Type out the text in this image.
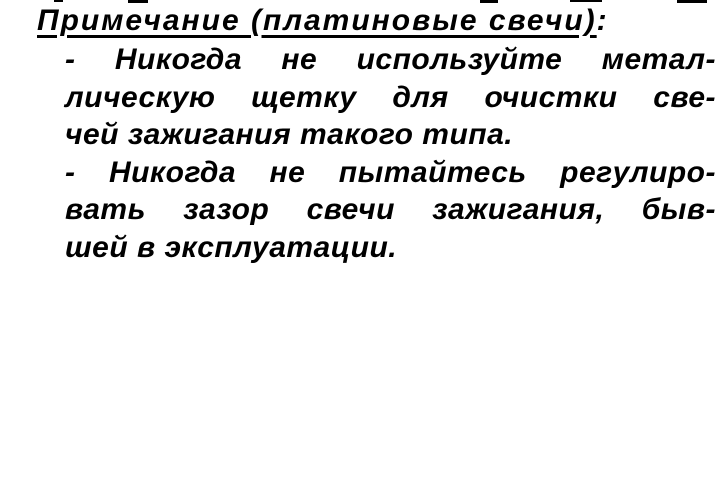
Примечание (платиновые свечи):
- Никогда не используйте метал-
лическую щетку для очистки све-
чей зажигания такого типа.
- Никогда не пытайтесь регулиро-
вать зазор свечи зажигания, быв-
шей в эксплуатации.
